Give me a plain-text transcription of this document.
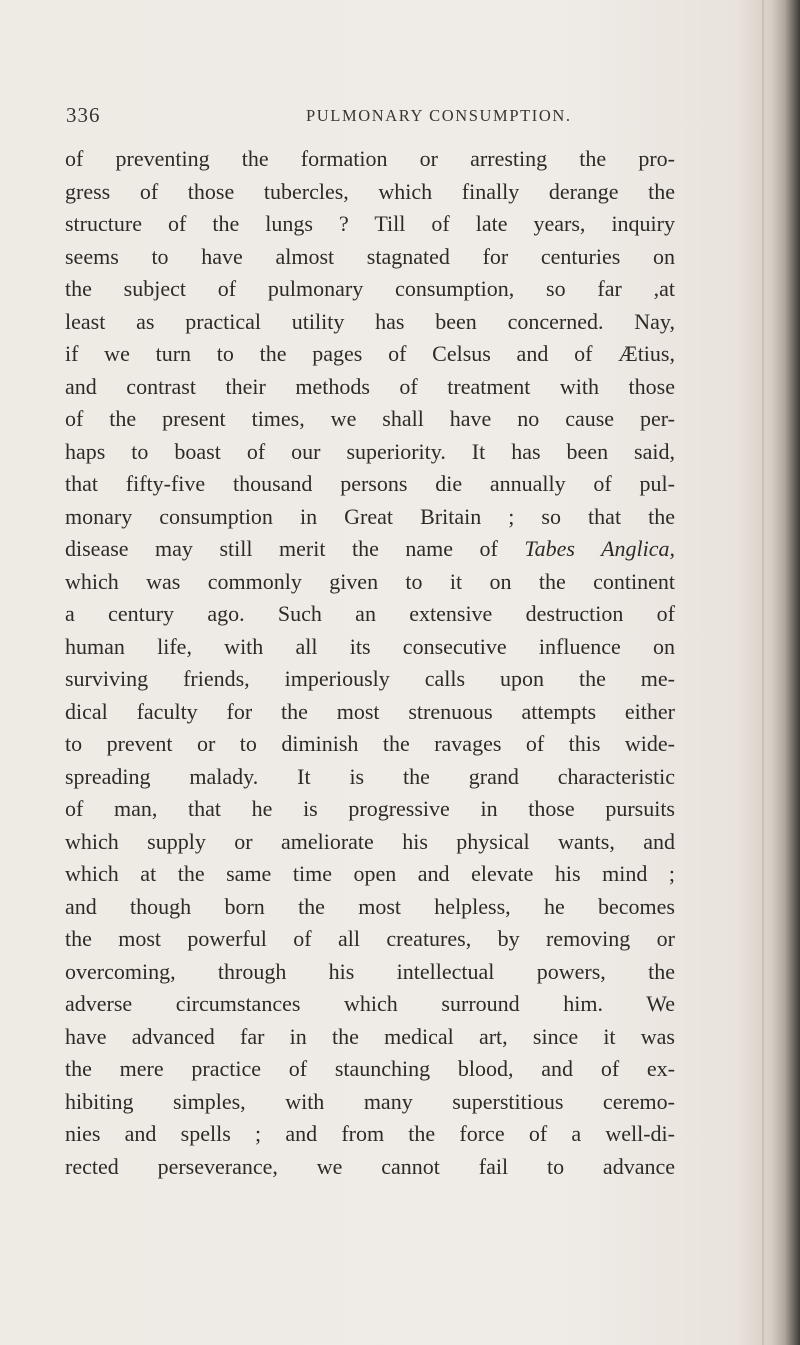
336	PULMONARY CONSUMPTION.
of preventing the formation or arresting the pro-
gress of those tubercles, which finally derange the
structure of the lungs ? Till of late years, inquiry
seems to have almost stagnated for centuries on
the subject of pulmonary consumption, so far ,at
least as practical utility has been concerned. Nay,
if we turn to the pages of Celsus and of Ætius,
and contrast their methods of treatment with those
of the present times, we shall have no cause per-
haps to boast of our superiority. It has been said,
that fifty-five thousand persons die annually of pul-
monary consumption in Great Britain ; so that the
disease may still merit the name of Tabes Anglica,
which was commonly given to it on the continent
a century ago. Such an extensive destruction of
human life, with all its consecutive influence on
surviving friends, imperiously calls upon the me-
dical faculty for the most strenuous attempts either
to prevent or to diminish the ravages of this wide-
spreading malady. It is the grand characteristic
of man, that he is progressive in those pursuits
which supply or ameliorate his physical wants, and
which at the same time open and elevate his mind ;
and though born the most helpless, he becomes
the most powerful of all creatures, by removing or
overcoming, through his intellectual powers, the
adverse circumstances which surround him. We
have advanced far in the medical art, since it was
the mere practice of staunching blood, and of ex-
hibiting simples, with many superstitious ceremo-
nies and spells ; and from the force of a well-di-
rected perseverance, we cannot fail to advance
